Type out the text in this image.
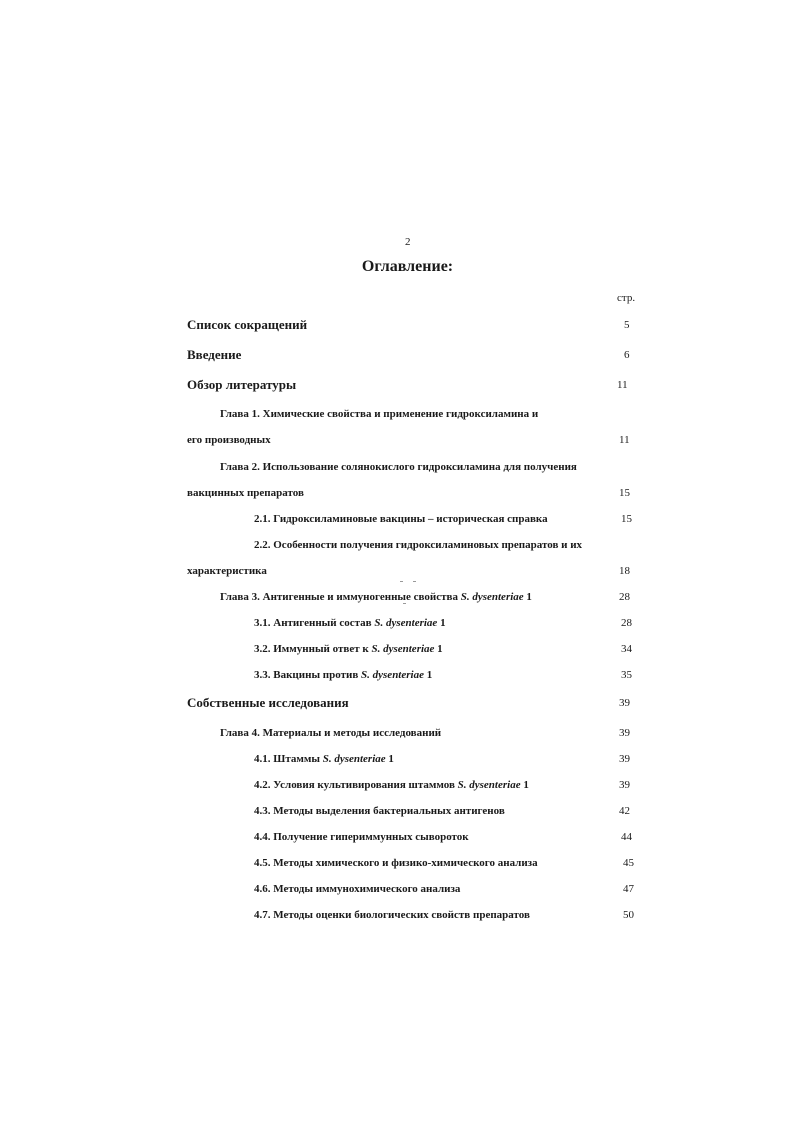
2
Оглавление:
стр.
Список сокращений	5
Введение	6
Обзор литературы	11
Глава 1. Химические свойства и применение гидроксиламина и
его производных	11
Глава 2. Использование солянокислого гидроксиламина для получения
вакцинных препаратов	15
2.1. Гидроксиламиновые вакцины – историческая справка	15
2.2. Особенности получения гидроксиламиновых препаратов и их
характеристика	18
Глава 3. Антигенные и иммуногенные свойства S. dysenteriae 1	28
3.1. Антигенный состав S. dysenteriae 1	28
3.2. Иммунный ответ к S. dysenteriae 1	34
3.3. Вакцины против S. dysenteriae 1	35
Собственные исследования	39
Глава 4. Материалы и методы исследований	39
4.1. Штаммы S. dysenteriae 1	39
4.2. Условия культивирования штаммов S. dysenteriae 1	39
4.3. Методы выделения бактериальных антигенов	42
4.4. Получение гипериммунных сывороток	44
4.5. Методы химического и физико-химического анализа	45
4.6. Методы иммунохимического анализа	47
4.7. Методы оценки биологических свойств препаратов	50
